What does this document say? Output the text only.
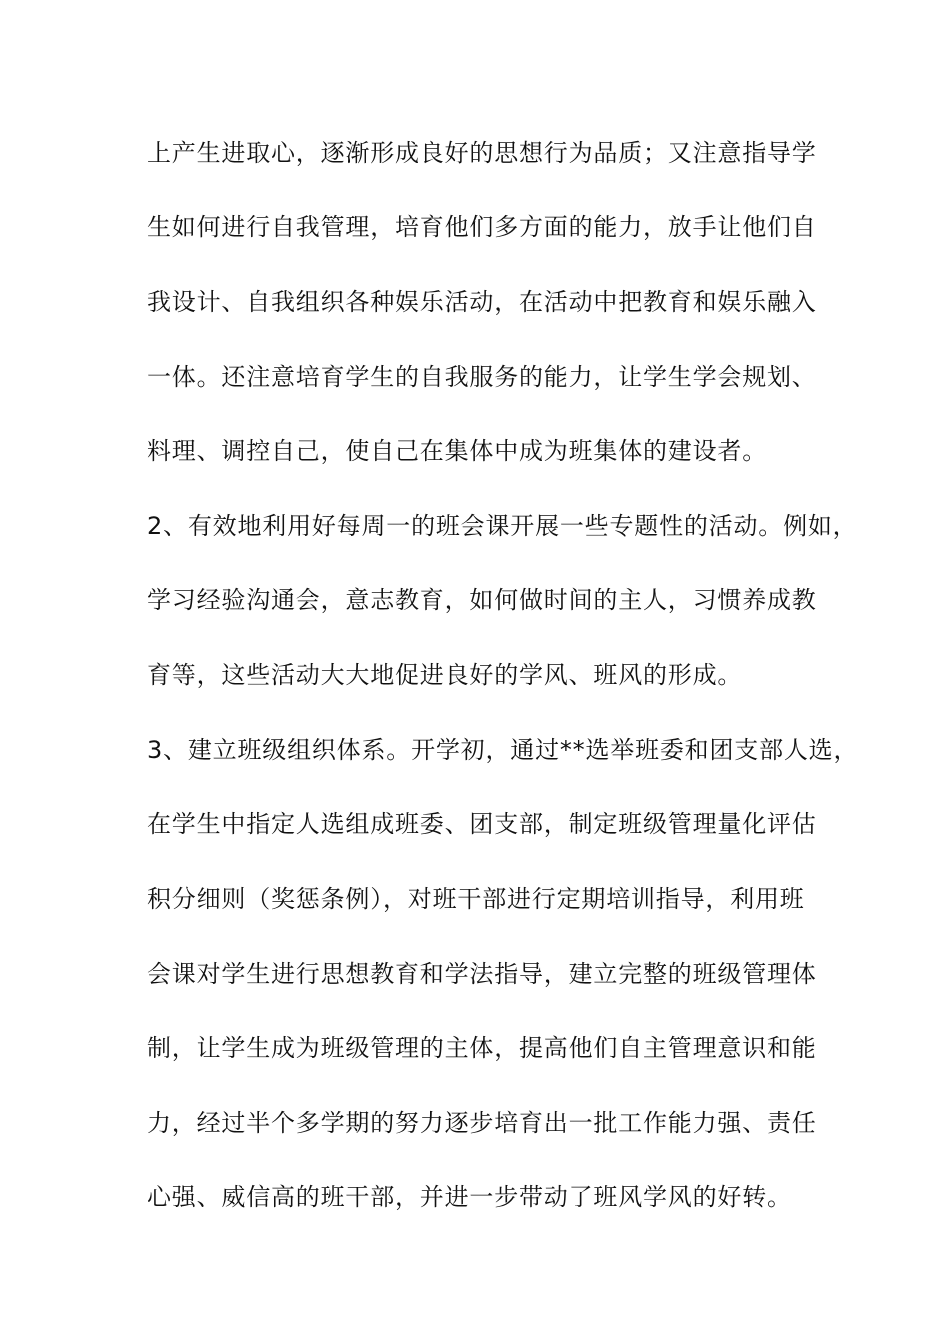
上产生进取心，逐渐形成良好的思想行为品质；又注意指导学
生如何进行自我管理，培育他们多方面的能力，放手让他们自
我设计、自我组织各种娱乐活动，在活动中把教育和娱乐融入
一体。还注意培育学生的自我服务的能力，让学生学会规划、
料理、调控自己，使自己在集体中成为班集体的建设者。
2、有效地利用好每周一的班会课开展一些专题性的活动。例如，
学习经验沟通会，意志教育，如何做时间的主人，习惯养成教
育等，这些活动大大地促进良好的学风、班风的形成。
3、建立班级组织体系。开学初，通过**选举班委和团支部人选，
在学生中指定人选组成班委、团支部，制定班级管理量化评估
积分细则（奖惩条例），对班干部进行定期培训指导，利用班
会课对学生进行思想教育和学法指导，建立完整的班级管理体
制，让学生成为班级管理的主体，提高他们自主管理意识和能
力，经过半个多学期的努力逐步培育出一批工作能力强、责任
心强、威信高的班干部，并进一步带动了班风学风的好转。
